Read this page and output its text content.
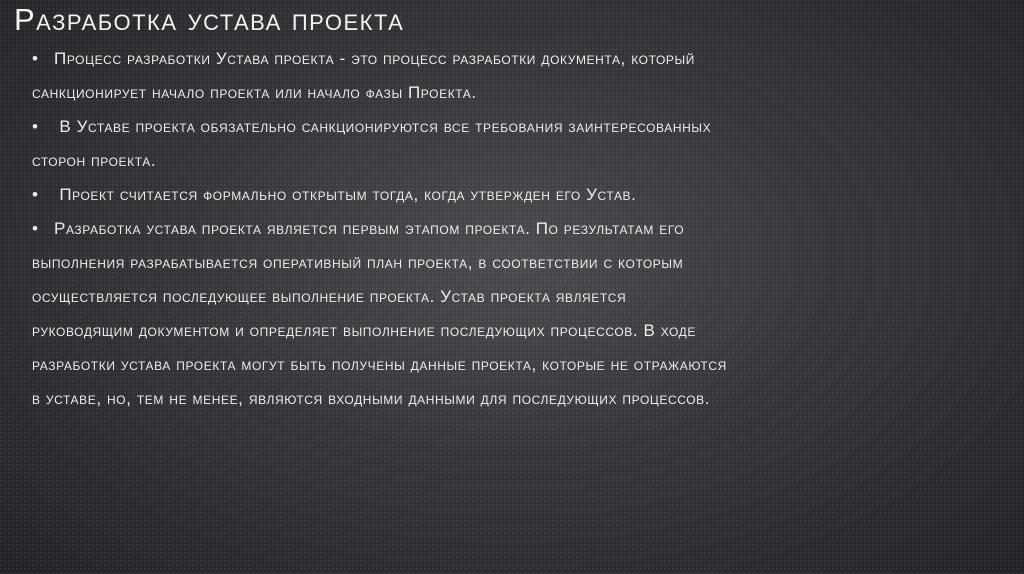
Разработка устава проекта

• Процесс разработки Устава проекта - это процесс разработки документа, который санкционирует начало проекта или начало фазы Проекта.

• В Уставе проекта обязательно санкционируются все требования заинтересованных сторон проекта.

• Проект считается формально открытым тогда, когда утвержден его Устав.

• Разработка устава проекта является первым этапом проекта. По результатам его выполнения разрабатывается оперативный план проекта, в соответствии с которым осуществляется последующее выполнение проекта. Устав проекта является руководящим документом и определяет выполнение последующих процессов. В ходе разработки устава проекта могут быть получены данные проекта, которые не отражаются в уставе, но, тем не менее, являются входными данными для последующих процессов.
